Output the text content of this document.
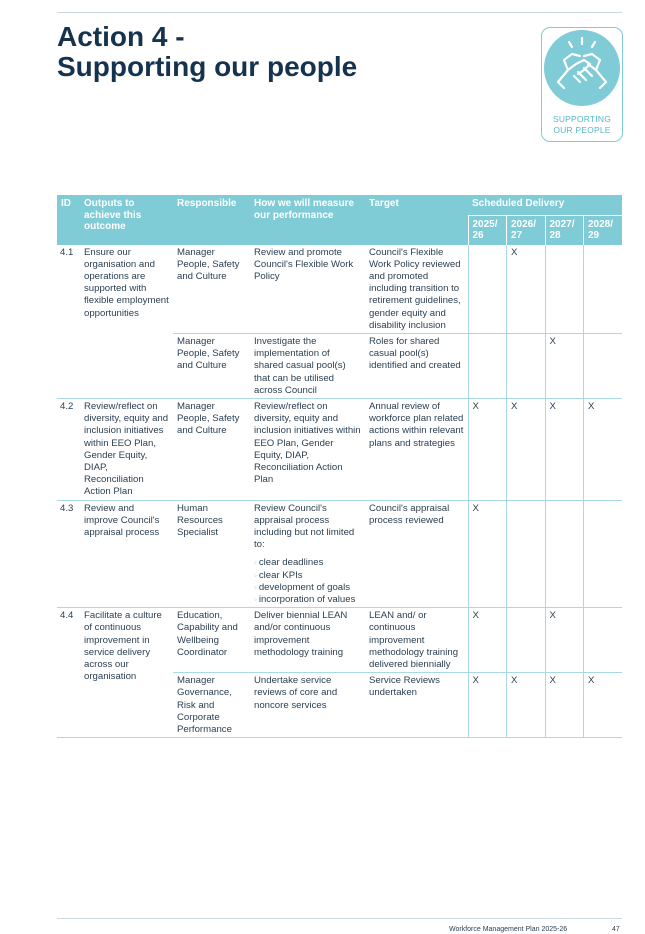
Action 4 -
Supporting our people
SUPPORTING
OUR PEOPLE
ID	Outputs to achieve this outcome	Responsible	How we will measure our performance	Target	Scheduled Delivery			
					2025/ 26	2026/ 27	2027/ 28	2028/ 29
4.1	Ensure our organisation and operations are supported with flexible employment opportunities	Manager People, Safety and Culture	Review and promote Council's Flexible Work Policy	Council's Flexible Work Policy reviewed and promoted including transition to retirement guidelines, gender equity and disability inclusion		X		
		Manager People, Safety and Culture	Investigate the implementation of shared casual pool(s) that can be utilised across Council	Roles for shared casual pool(s) identified and created			X	
4.2	Review/reflect on diversity, equity and inclusion initiatives within EEO Plan, Gender Equity, DIAP, Reconciliation Action Plan	Manager People, Safety and Culture	Review/reflect on diversity, equity and inclusion initiatives within EEO Plan, Gender Equity, DIAP, Reconciliation Action Plan	Annual review of workforce plan related actions within relevant plans and strategies	X	X	X	X
4.3	Review and improve Council's appraisal process	Human Resources Specialist	Review Council's appraisal process including but not limited to:
◦ clear deadlines
◦ clear KPIs
◦ development of goals
◦ incorporation of values	Council's appraisal process reviewed	X			
4.4	Facilitate a culture of continuous improvement in service delivery across our organisation	Education, Capability and Wellbeing Coordinator	Deliver biennial LEAN and/or continuous improvement methodology training	LEAN and/ or continuous improvement methodology training delivered biennially	X		X	
		Manager Governance, Risk and Corporate Performance	Undertake service reviews of core and noncore services	Service Reviews undertaken	X	X	X	X
Workforce Management Plan 2025-26	47
